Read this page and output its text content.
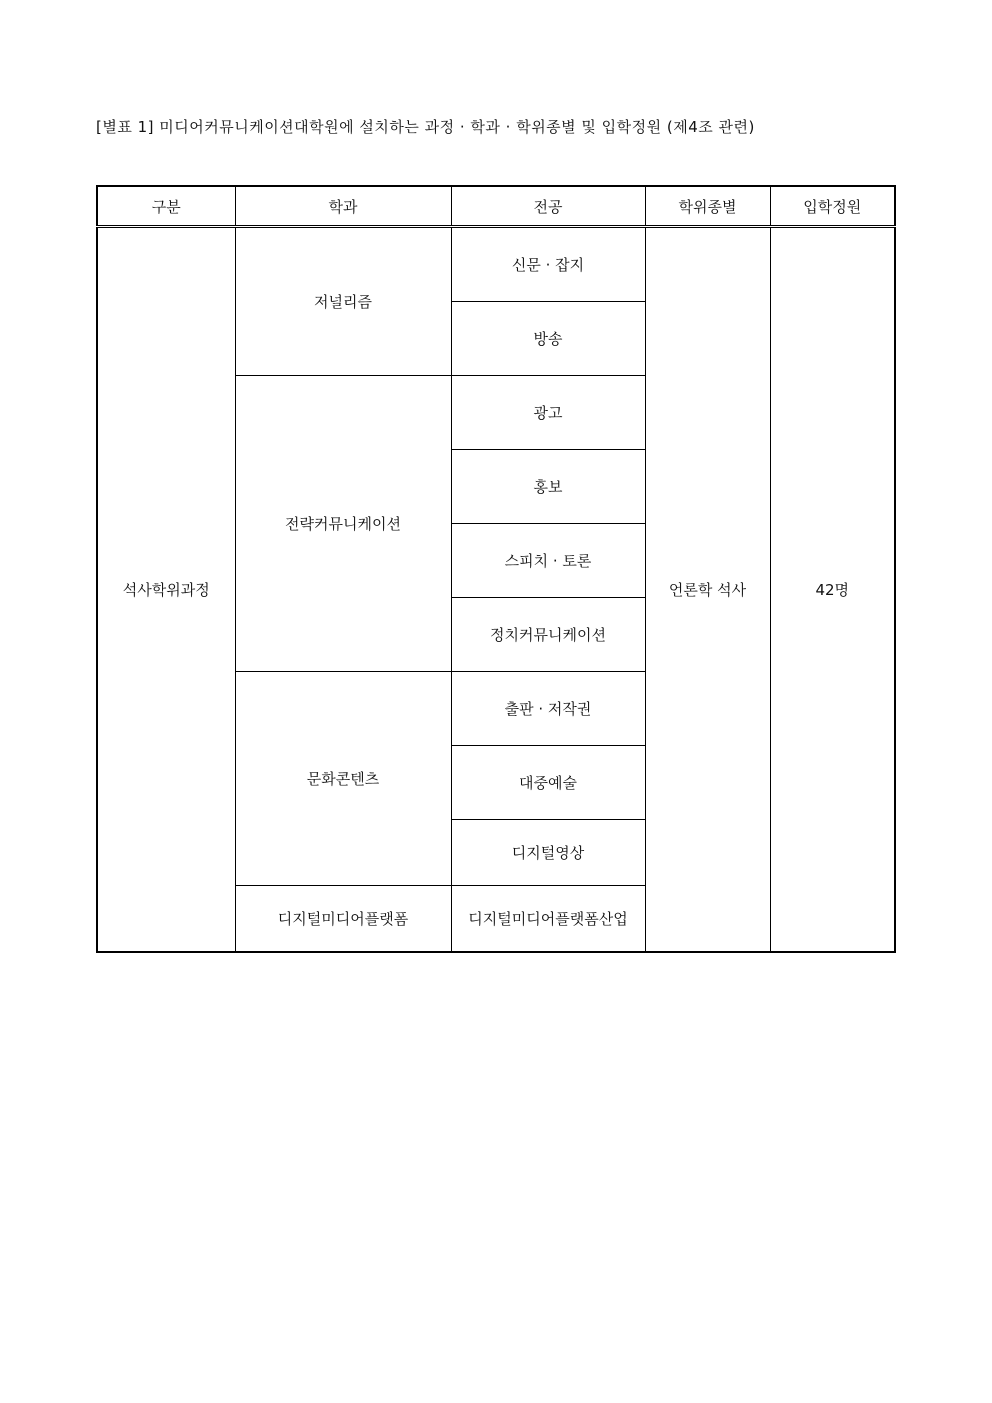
[별표 1] 미디어커뮤니케이션대학원에 설치하는 과정 · 학과 · 학위종별 및 입학정원 (제4조 관련)
구분	학과	전공	학위종별	입학정원
석사학위과정	저널리즘	신문 · 잡지	언론학 석사	42명
		방송		
	전략커뮤니케이션	광고		
		홍보		
		스피치 · 토론		
		정치커뮤니케이션		
	문화콘텐츠	출판 · 저작권		
		대중예술		
		디지털영상		
	디지털미디어플랫폼	디지털미디어플랫폼산업		
